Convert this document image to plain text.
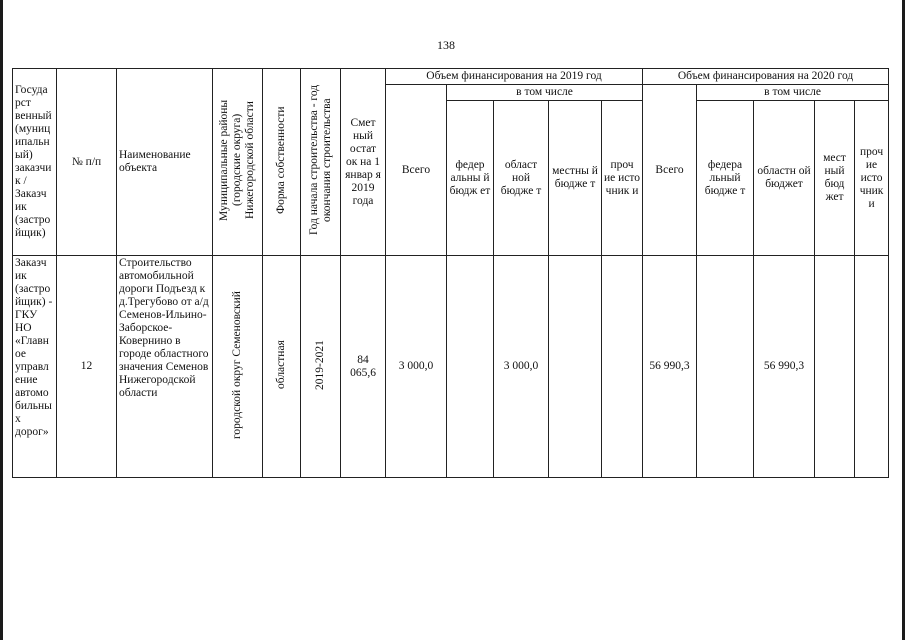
138
Госуда рст венный (муниц ипальн ый) заказчи к / Заказч ик (застро йщик)	№ п/п	Наименование объекта	Муниципальные районы (городские округа) Нижегородской области	Форма собственности	Год начала строительства - год окончания строительства	Смет ный остат ок на 1 январ я 2019 года	Объем финансирования на 2019 год					Объем финансирования на 2020 год				
							Всего	в том числе				Всего	в том числе			
								федер альны й бюдж ет	област ной бюдже т	местны й бюдже т	проч ие исто чник и		федера льный бюдже т	областн ой бюджет	мест ный бюд жет	проч ие исто чник и
Заказч ик (застро йщик) - ГКУ НО «Главн ое управл ение автомо бильны х дорог»	12	Строительство автомобильной дороги Подъезд к д.Трегубово от а/д Семенов-Ильино-Заборское-Ковернино в городе областного значения Семенов Нижегородской области	городской округ Семеновский	областная	2019-2021	84 065,6	3 000,0		3 000,0			56 990,3		56 990,3		
